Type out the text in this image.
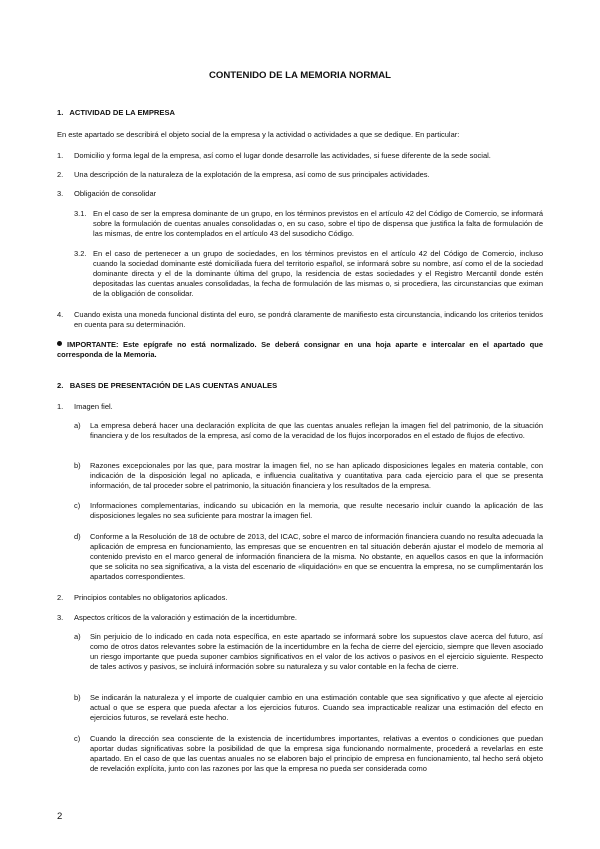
CONTENIDO DE LA MEMORIA NORMAL
1. ACTIVIDAD DE LA EMPRESA
En este apartado se describirá el objeto social de la empresa y la actividad o actividades a que se dedique. En particular:
1.	Domicilio y forma legal de la empresa, así como el lugar donde desarrolle las actividades, si fuese diferente de la sede social.
2.	Una descripción de la naturaleza de la explotación de la empresa, así como de sus principales actividades.
3.	Obligación de consolidar
3.1. En el caso de ser la empresa dominante de un grupo, en los términos previstos en el artículo 42 del Código de Comercio, se informará sobre la formulación de cuentas anuales consolidadas o, en su caso, sobre el tipo de dispensa que justifica la falta de formulación de las mismas, de entre los contemplados en el artículo 43 del susodicho Código.
3.2. En el caso de pertenecer a un grupo de sociedades, en los términos previstos en el artículo 42 del Código de Comercio, incluso cuando la sociedad dominante esté domiciliada fuera del territorio español, se informará sobre su nombre, así como el de la sociedad dominante directa y el de la dominante última del grupo, la residencia de estas sociedades y el Registro Mercantil donde estén depositadas las cuentas anuales consolidadas, la fecha de formulación de las mismas o, si procediera, las circunstancias que eximan de la obligación de consolidar.
4.	Cuando exista una moneda funcional distinta del euro, se pondrá claramente de manifiesto esta circunstancia, indicando los criterios tenidos en cuenta para su determinación.
IMPORTANTE: Este epígrafe no está normalizado. Se deberá consignar en una hoja aparte e intercalar en el apartado que corresponda de la Memoria.
2. BASES DE PRESENTACIÓN DE LAS CUENTAS ANUALES
1.	Imagen fiel.
a)	La empresa deberá hacer una declaración explícita de que las cuentas anuales reflejan la imagen fiel del patrimonio, de la situación financiera y de los resultados de la empresa, así como de la veracidad de los flujos incorporados en el estado de flujos de efectivo.
b)	Razones excepcionales por las que, para mostrar la imagen fiel, no se han aplicado disposiciones legales en materia contable, con indicación de la disposición legal no aplicada, e influencia cualitativa y cuantitativa para cada ejercicio para el que se presenta información, de tal proceder sobre el patrimonio, la situación financiera y los resultados de la empresa.
c)	Informaciones complementarias, indicando su ubicación en la memoria, que resulte necesario incluir cuando la aplicación de las disposiciones legales no sea suficiente para mostrar la imagen fiel.
d)	Conforme a la Resolución de 18 de octubre de 2013, del ICAC, sobre el marco de información financiera cuando no resulta adecuada la aplicación de empresa en funcionamiento, las empresas que se encuentren en tal situación deberán ajustar el modelo de memoria al contenido previsto en el marco general de información financiera de la misma. No obstante, en aquellos casos en que la información que se solicita no sea significativa, a la vista del escenario de «liquidación» en que se encuentra la empresa, no se cumplimentarán los apartados correspondientes.
2.	Principios contables no obligatorios aplicados.
3.	Aspectos críticos de la valoración y estimación de la incertidumbre.
a)	Sin perjuicio de lo indicado en cada nota específica, en este apartado se informará sobre los supuestos clave acerca del futuro, así como de otros datos relevantes sobre la estimación de la incertidumbre en la fecha de cierre del ejercicio, siempre que lleven asociado un riesgo importante que pueda suponer cambios significativos en el valor de los activos o pasivos en el ejercicio siguiente. Respecto de tales activos y pasivos, se incluirá información sobre su naturaleza y su valor contable en la fecha de cierre.
b)	Se indicarán la naturaleza y el importe de cualquier cambio en una estimación contable que sea significativo y que afecte al ejercicio actual o que se espera que pueda afectar a los ejercicios futuros. Cuando sea impracticable realizar una estimación del efecto en ejercicios futuros, se revelará este hecho.
c)	Cuando la dirección sea consciente de la existencia de incertidumbres importantes, relativas a eventos o condiciones que puedan aportar dudas significativas sobre la posibilidad de que la empresa siga funcionando normalmente, procederá a revelarlas en este apartado. En el caso de que las cuentas anuales no se elaboren bajo el principio de empresa en funcionamiento, tal hecho será objeto de revelación explícita, junto con las razones por las que la empresa no pueda ser considerada como
2
